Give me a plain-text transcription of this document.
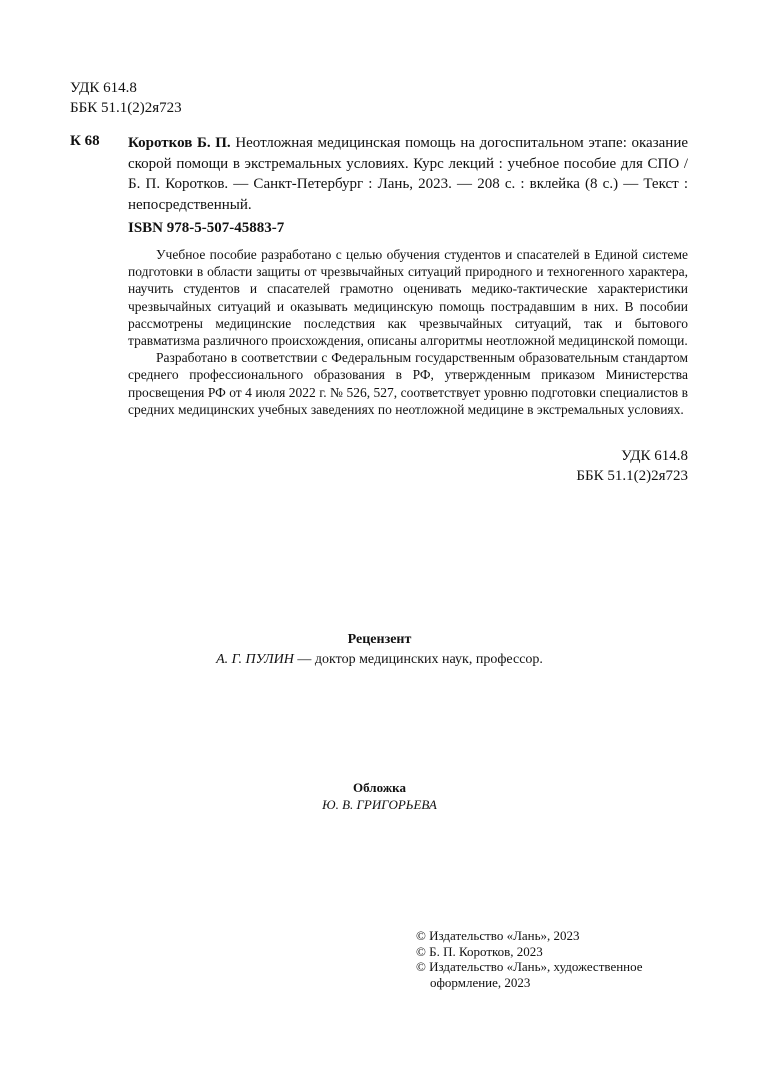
УДК 614.8
ББК 51.1(2)2я723
К 68 Коротков Б. П. Неотложная медицинская помощь на догоспитальном этапе: оказание скорой помощи в экстремальных условиях. Курс лекций : учебное пособие для СПО / Б. П. Коротков. — Санкт-Петербург : Лань, 2023. — 208 с. : вклейка (8 с.) — Текст : непосредственный.
ISBN 978-5-507-45883-7

Учебное пособие разработано с целью обучения студентов и спасателей в Единой системе подготовки в области защиты от чрезвычайных ситуаций природного и техногенного характера, научить студентов и спасателей грамотно оценивать медико-тактические характеристики чрезвычайных ситуаций и оказывать медицинскую помощь пострадавшим в них. В пособии рассмотрены медицинские последствия как чрезвычайных ситуаций, так и бытового травматизма различного происхождения, описаны алгоритмы неотложной медицинской помощи.

Разработано в соответствии с Федеральным государственным образовательным стандартом среднего профессионального образования в РФ, утвержденным приказом Министерства просвещения РФ от 4 июля 2022 г. № 526, 527, соответствует уровню подготовки специалистов в средних медицинских учебных заведениях по неотложной медицине в экстремальных условиях.

УДК 614.8
ББК 51.1(2)2я723
Рецензент
А. Г. ПУЛИН — доктор медицинских наук, профессор.
Обложка
Ю. В. ГРИГОРЬЕВА
© Издательство «Лань», 2023
© Б. П. Коротков, 2023
© Издательство «Лань», художественное
оформление, 2023
